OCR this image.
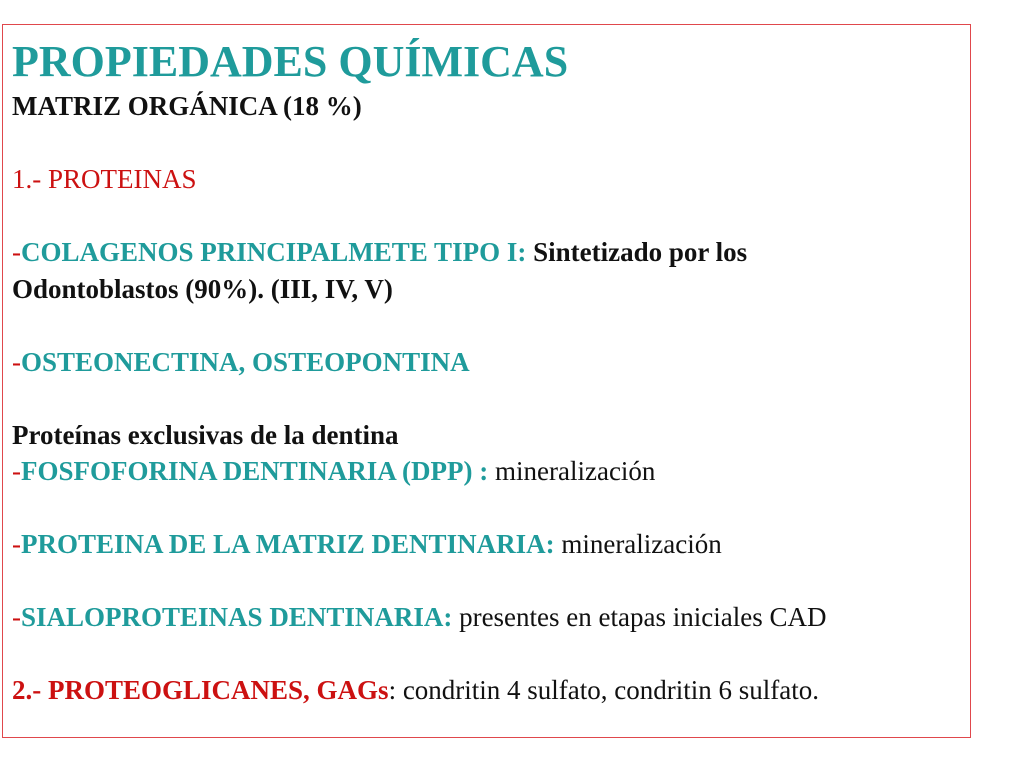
PROPIEDADES QUÍMICAS
MATRIZ ORGÁNICA (18 %)
1.- PROTEINAS
-COLAGENOS PRINCIPALMETE TIPO I: Sintetizado por los
Odontoblastos (90%). (III, IV, V)
-OSTEONECTINA, OSTEOPONTINA
Proteínas exclusivas de la dentina
-FOSFOFORINA DENTINARIA (DPP) : mineralización
-PROTEINA DE LA MATRIZ DENTINARIA: mineralización
-SIALOPROTEINAS DENTINARIA: presentes en etapas iniciales CAD
2.- PROTEOGLICANES, GAGs: condritin 4 sulfato, condritin 6 sulfato.
